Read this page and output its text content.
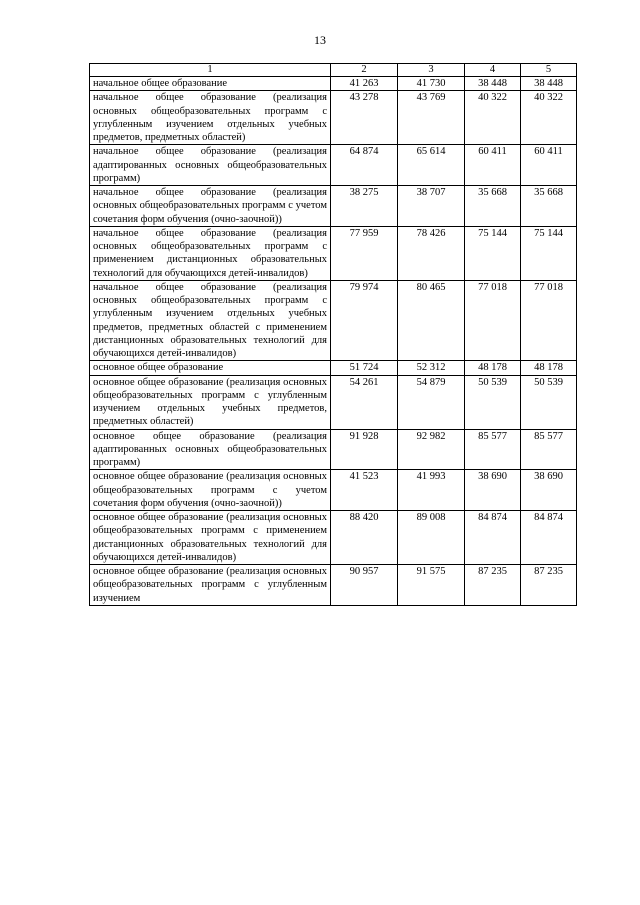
13
1	2	3	4	5
начальное общее образование	41 263	41 730	38 448	38 448
начальное общее образование (реализация основных общеобразовательных программ с углубленным изучением отдельных учебных предметов, предметных областей)	43 278	43 769	40 322	40 322
начальное общее образование (реализация адаптированных основных общеобразовательных программ)	64 874	65 614	60 411	60 411
начальное общее образование (реализация основных общеобразовательных программ с учетом сочетания форм обучения (очно-заочной))	38 275	38 707	35 668	35 668
начальное общее образование (реализация основных общеобразовательных программ с применением дистанционных образовательных технологий для обучающихся детей-инвалидов)	77 959	78 426	75 144	75 144
начальное общее образование (реализация основных общеобразовательных программ с углубленным изучением отдельных учебных предметов, предметных областей с применением дистанционных образовательных технологий для обучающихся детей-инвалидов)	79 974	80 465	77 018	77 018
основное общее образование	51 724	52 312	48 178	48 178
основное общее образование (реализация основных общеобразовательных программ с углубленным изучением отдельных учебных предметов, предметных областей)	54 261	54 879	50 539	50 539
основное общее образование (реализация адаптированных основных общеобразовательных программ)	91 928	92 982	85 577	85 577
основное общее образование (реализация основных общеобразовательных программ с учетом сочетания форм обучения (очно-заочной))	41 523	41 993	38 690	38 690
основное общее образование (реализация основных общеобразовательных программ с применением дистанционных образовательных технологий для обучающихся детей-инвалидов)	88 420	89 008	84 874	84 874
основное общее образование (реализация основных общеобразовательных программ с углубленным изучением	90 957	91 575	87 235	87 235
